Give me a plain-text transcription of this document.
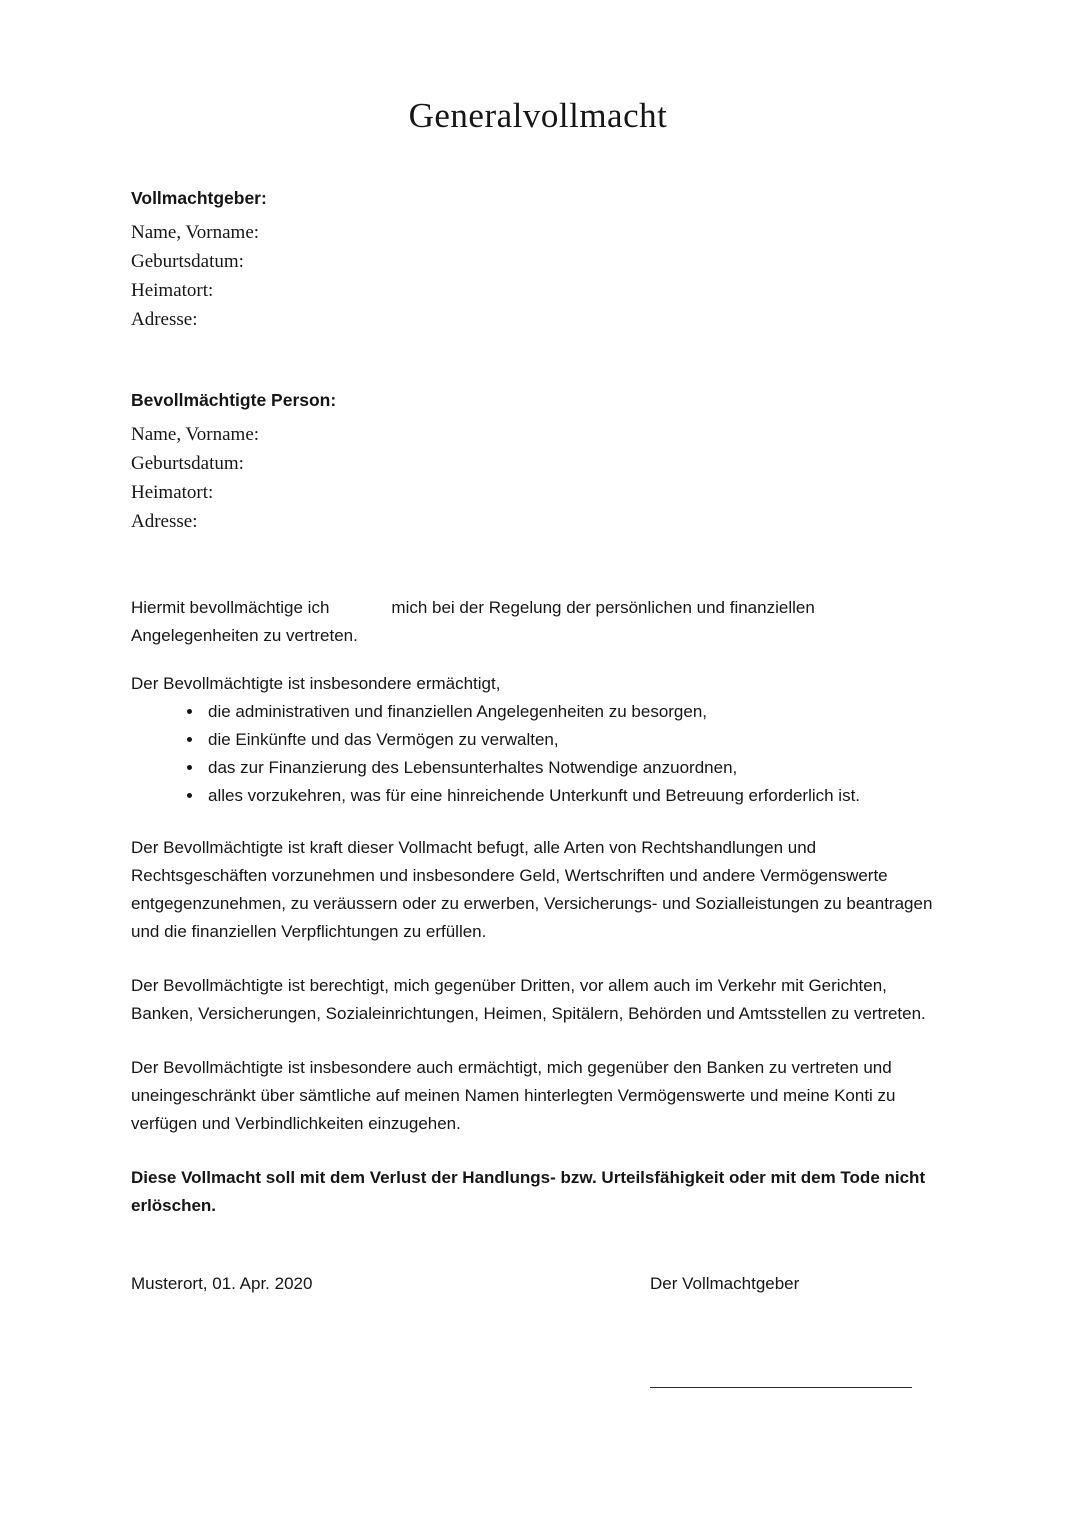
Generalvollmacht
Vollmachtgeber:
Name, Vorname:
Geburtsdatum:
Heimatort:
Adresse:
Bevollmächtigte Person:
Name, Vorname:
Geburtsdatum:
Heimatort:
Adresse:

Hiermit bevollmächtige ich	mich bei der Regelung der persönlichen und finanziellen Angelegenheiten zu vertreten.

Der Bevollmächtigte ist insbesondere ermächtigt,

• die administrativen und finanziellen Angelegenheiten zu besorgen,
• die Einkünfte und das Vermögen zu verwalten,
• das zur Finanzierung des Lebensunterhaltes Notwendige anzuordnen,
• alles vorzukehren, was für eine hinreichende Unterkunft und Betreuung erforderlich ist.

Der Bevollmächtigte ist kraft dieser Vollmacht befugt, alle Arten von Rechtshandlungen und Rechtsgeschäften vorzunehmen und insbesondere Geld, Wertschriften und andere Vermögenswerte entgegenzunehmen, zu veräussern oder zu erwerben, Versicherungs- und Sozialleistungen zu beantragen und die finanziellen Verpflichtungen zu erfüllen.

Der Bevollmächtigte ist berechtigt, mich gegenüber Dritten, vor allem auch im Verkehr mit Gerichten, Banken, Versicherungen, Sozialeinrichtungen, Heimen, Spitälern, Behörden und Amtsstellen zu vertreten.

Der Bevollmächtigte ist insbesondere auch ermächtigt, mich gegenüber den Banken zu vertreten und uneingeschränkt über sämtliche auf meinen Namen hinterlegten Vermögenswerte und meine Konti zu verfügen und Verbindlichkeiten einzugehen.

Diese Vollmacht soll mit dem Verlust der Handlungs- bzw. Urteilsfähigkeit oder mit dem Tode nicht erlöschen.

Musterort, 01. Apr. 2020	Der Vollmachtgeber
